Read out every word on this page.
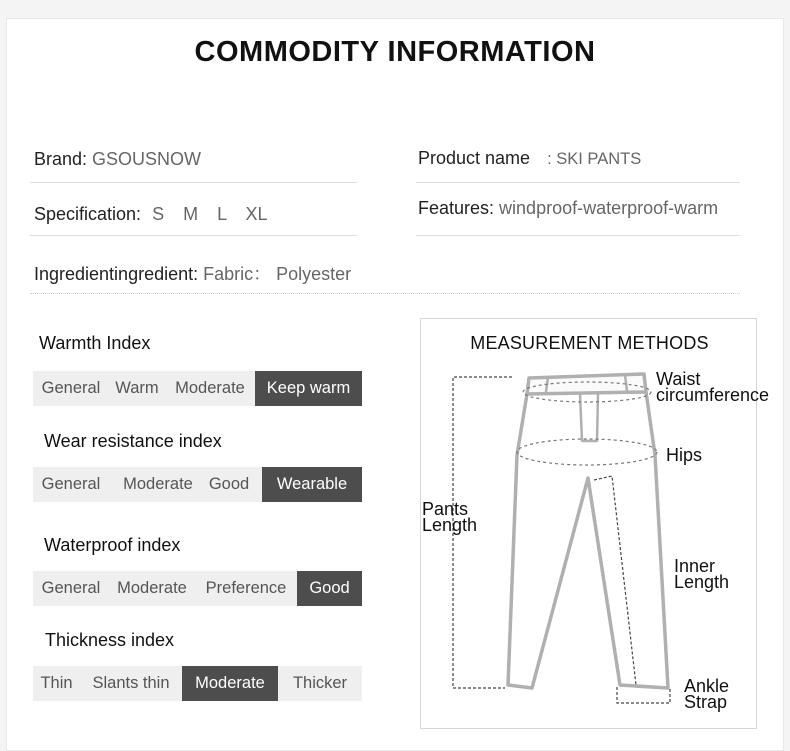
COMMODITY INFORMATION
Brand: GSOUSNOW	Product name : SKI PANTS
Specification: S M L XL	Features: windproof-waterproof-warm
Ingredientingredient: Fabric： Polyester
Warmth Index
General Warm Moderate	Keep warm
Wear resistance index
General	Moderate Good	Wearable
Waterproof index
General	Moderate	Preference	Good
Thickness index
Thin	Slants thin	Moderate	Thicker
MEASUREMENT METHODS
Waist
circumference
Hips
Pants
Length
Inner
Length
Ankle
Strap
